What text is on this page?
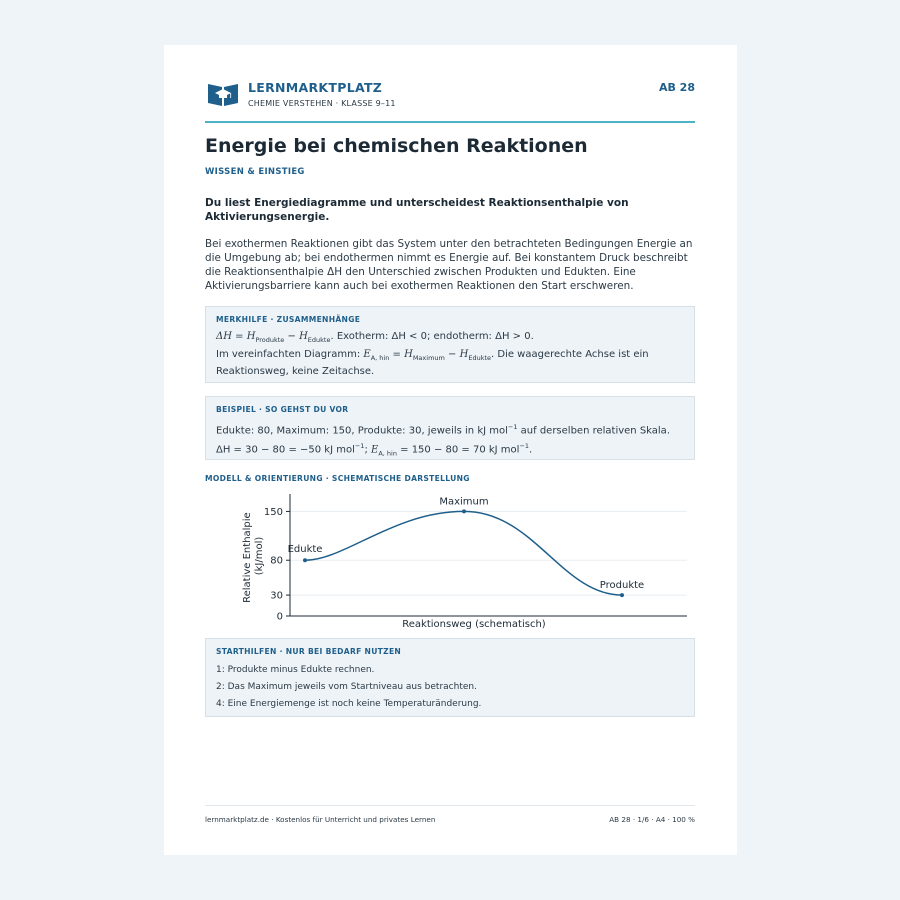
LERNMARKTPLATZ
CHEMIE VERSTEHEN · KLASSE 9–11
AB 28
Energie bei chemischen Reaktionen
WISSEN & EINSTIEG
Du liest Energiediagramme und unterscheidest Reaktionsenthalpie von Aktivierungsenergie.
Bei exothermen Reaktionen gibt das System unter den betrachteten Bedingungen Energie an die Umgebung ab; bei endothermen nimmt es Energie auf. Bei konstantem Druck beschreibt die Reaktionsenthalpie ΔH den Unterschied zwischen Produkten und Edukten. Eine Aktivierungsbarriere kann auch bei exothermen Reaktionen den Start erschweren.
MERKHILFE · ZUSAMMENHÄNGE
$\Delta H = H_{Produkte} - H_{Edukte}$. Exotherm: ΔH < 0; endotherm: ΔH > 0.
Im vereinfachten Diagramm: $E_{A, hin} = H_{Maximum} - H_{Edukte}$. Die waagerechte Achse ist ein Reaktionsweg, keine Zeitachse.
BEISPIEL · SO GEHST DU VOR
Edukte: 80, Maximum: 150, Produkte: 30, jeweils in kJ mol$^{-1}$ auf derselben relativen Skala.
ΔH = 30 − 80 = −50 kJ mol$^{-1}$; $E_{A, hin} = 150 - 80 = 70$ kJ mol$^{-1}$.
MODELL & ORIENTIERUNG · SCHEMATISCHE DARSTELLUNG
0
30
80
150
Edukte
Maximum
Produkte
Reaktionsweg (schematisch)
Relative Enthalpie (kJ/mol)
STARTHILFEN · NUR BEI BEDARF NUTZEN
1: Produkte minus Edukte rechnen.
2: Das Maximum jeweils vom Startniveau aus betrachten.
4: Eine Energiemenge ist noch keine Temperaturänderung.
lernmarktplatz.de · Kostenlos für Unterricht und privates Lernen	AB 28 · 1/6 · A4 · 100 %
